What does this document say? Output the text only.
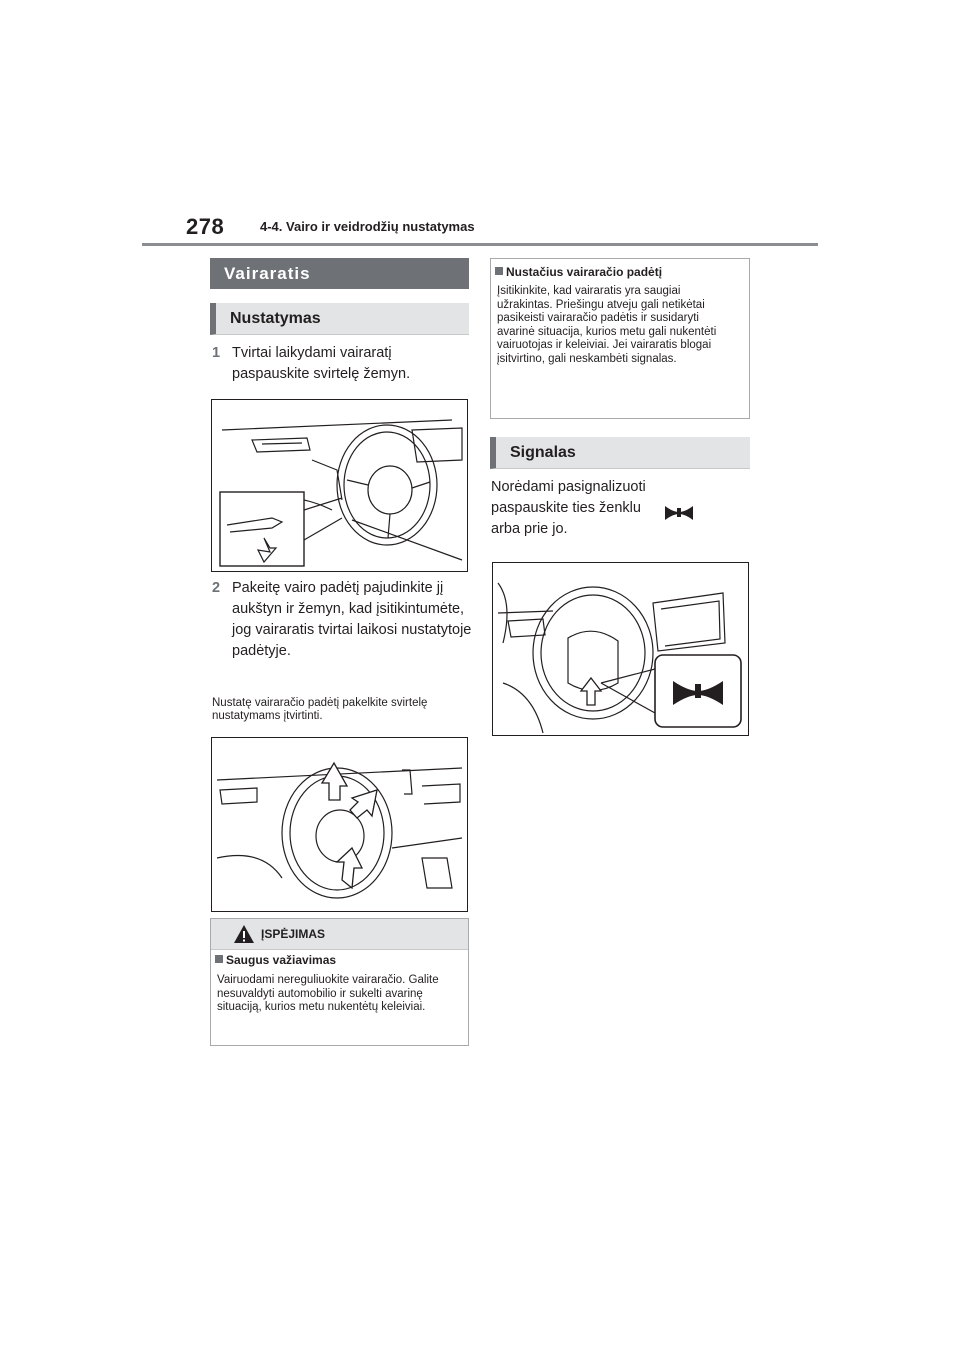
278	4-4. Vairo ir veidrodžių nustatymas
Vairaratis
Nustatymas
1 Tvirtai laikydami vairaratį paspauskite svirtelę žemyn.
2 Pakeitę vairo padėtį pajudinkite jį aukštyn ir žemyn, kad įsitikintumėte, jog vairaratis tvirtai laikosi nustatytoje padėtyje.
Nustatę vairaračio padėtį pakelkite svirtelę nustatymams įtvirtinti.
ĮSPĖJIMAS
Saugus važiavimas
Vairuodami nereguliuokite vairaračio. Galite nesuvaldyti automobilio ir sukelti avarinę situaciją, kurios metu nukentėtų keleiviai.
Nustačius vairaračio padėtį
Įsitikinkite, kad vairaratis yra saugiai užrakintas. Priešingu atveju gali netikėtai pasikeisti vairaračio padėtis ir susidaryti avarinė situacija, kurios metu gali nukentėti vairuotojas ir keleiviai. Jei vairaratis blogai įsitvirtino, gali neskambėti signalas.
Signalas
Norėdami pasignalizuoti paspauskite ties ženklu
arba prie jo.
